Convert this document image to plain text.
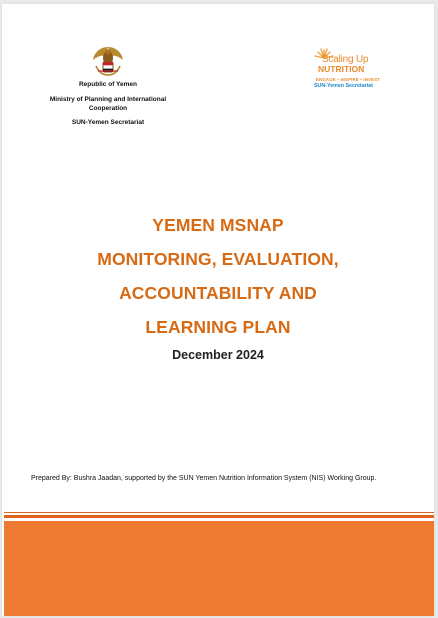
Republic of Yemen
Ministry of Planning and International Cooperation
SUN-Yemen Secretariat
Scaling Up
NUTRITION
ENGAGE • INSPIRE • INVEST
SUN-Yemen Secretariat
YEMEN MSNAP
MONITORING, EVALUATION,
ACCOUNTABILITY AND
LEARNING PLAN
December 2024
Prepared By: Bushra Jaadan, supported by the SUN Yemen Nutrition Information System (NIS) Working Group.
